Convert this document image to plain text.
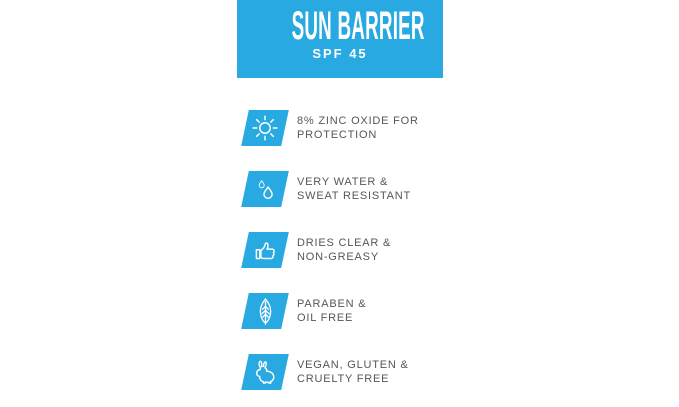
SUN BARRIER
SPF 45
8% ZINC OXIDE FOR
PROTECTION
VERY WATER &
SWEAT RESISTANT
DRIES CLEAR &
NON-GREASY
PARABEN &
OIL FREE
VEGAN, GLUTEN &
CRUELTY FREE
